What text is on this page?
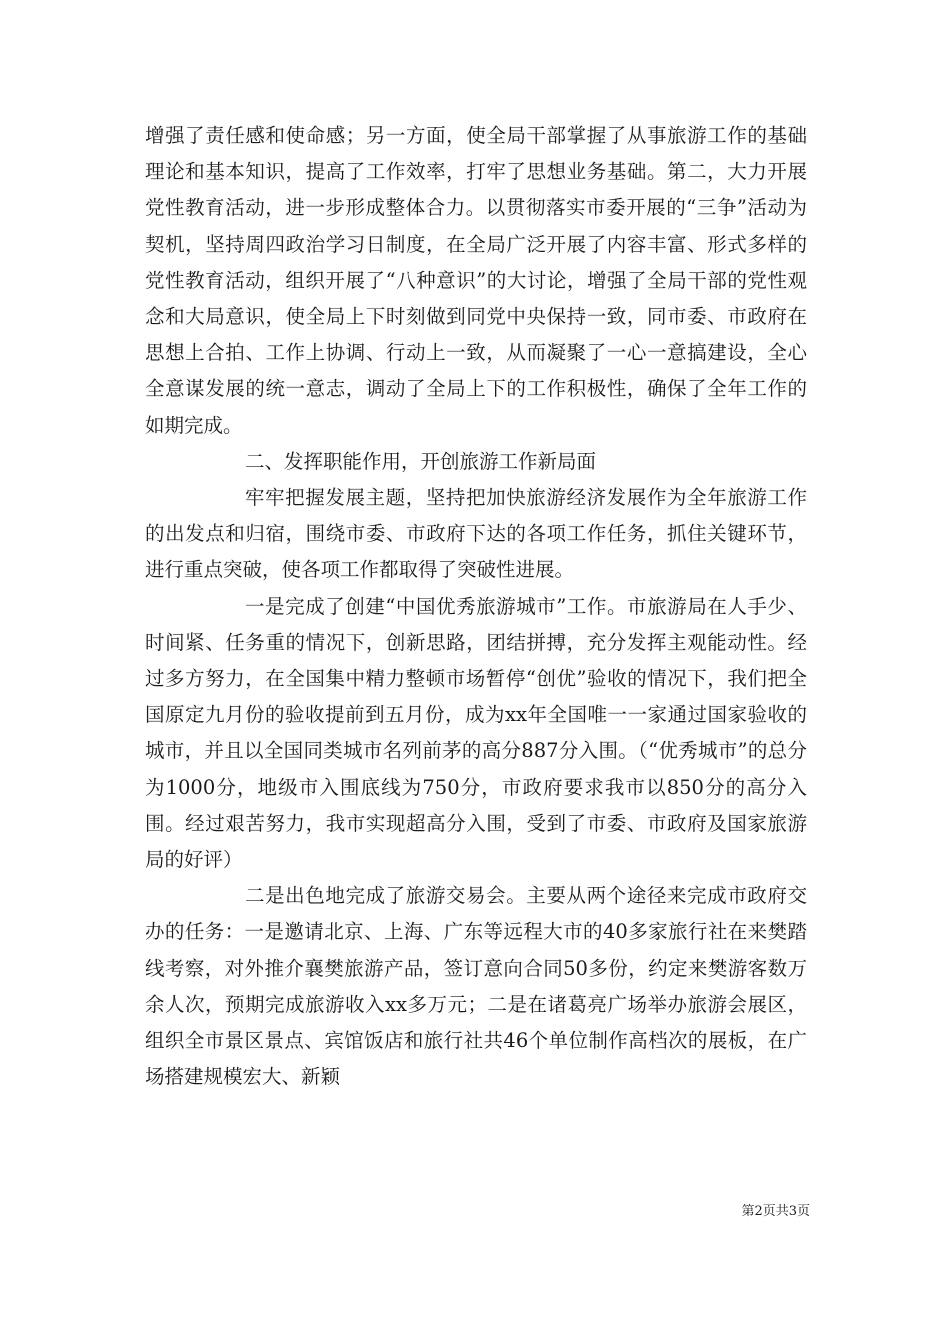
增强了责任感和使命感；另一方面，使全局干部掌握了从事旅游工作的基础理论和基本知识，提高了工作效率，打牢了思想业务基础。第二，大力开展党性教育活动，进一步形成整体合力。以贯彻落实市委开展的“三争”活动为契机，坚持周四政治学习日制度，在全局广泛开展了内容丰富、形式多样的党性教育活动，组织开展了“八种意识”的大讨论，增强了全局干部的党性观念和大局意识，使全局上下时刻做到同党中央保持一致，同市委、市政府在思想上合拍、工作上协调、行动上一致，从而凝聚了一心一意搞建设，全心全意谋发展的统一意志，调动了全局上下的工作积极性，确保了全年工作的如期完成。

二、发挥职能作用，开创旅游工作新局面

牢牢把握发展主题，坚持把加快旅游经济发展作为全年旅游工作的出发点和归宿，围绕市委、市政府下达的各项工作任务，抓住关键环节，进行重点突破，使各项工作都取得了突破性进展。

一是完成了创建“中国优秀旅游城市”工作。市旅游局在人手少、时间紧、任务重的情况下，创新思路，团结拼搏，充分发挥主观能动性。经过多方努力，在全国集中精力整顿市场暂停“创优”验收的情况下，我们把全国原定九月份的验收提前到五月份，成为xx年全国唯一一家通过国家验收的城市，并且以全国同类城市名列前茅的高分887分入围。（“优秀城市”的总分为1000分，地级市入围底线为750分，市政府要求我市以850分的高分入围。经过艰苦努力，我市实现超高分入围，受到了市委、市政府及国家旅游局的好评）

二是出色地完成了旅游交易会。主要从两个途径来完成市政府交办的任务：一是邀请北京、上海、广东等远程大市的40多家旅行社在来樊踏线考察，对外推介襄樊旅游产品，签订意向合同50多份，约定来樊游客数万余人次，预期完成旅游收入xx多万元；二是在诸葛亮广场举办旅游会展区，组织全市景区景点、宾馆饭店和旅行社共46个单位制作高档次的展板，在广场搭建规模宏大、新颖

第2页共3页
